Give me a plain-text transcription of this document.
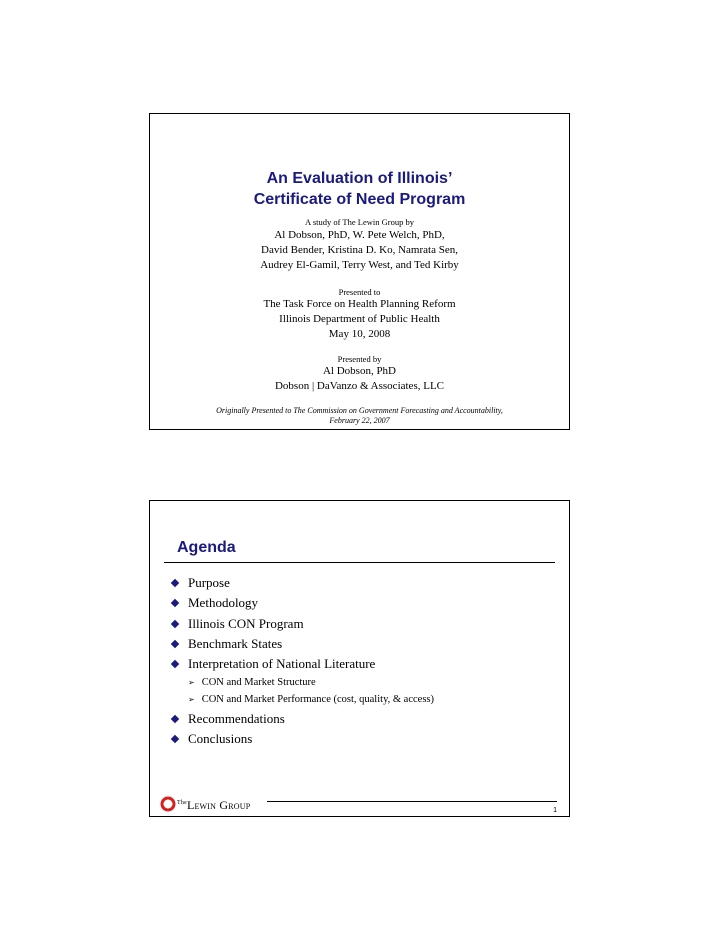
An Evaluation of Illinois’
Certificate of Need Program
A study of The Lewin Group by
Al Dobson, PhD, W. Pete Welch, PhD,
David Bender, Kristina D. Ko, Namrata Sen,
Audrey El-Gamil, Terry West, and Ted Kirby
Presented to
The Task Force on Health Planning Reform
Illinois Department of Public Health
May 10, 2008
Presented by
Al Dobson, PhD
Dobson | DaVanzo & Associates, LLC
Originally Presented to The Commission on Government Forecasting and Accountability,
February 22, 2007
Agenda
Purpose
Methodology
Illinois CON Program
Benchmark States
Interpretation of National Literature
➢ CON and Market Structure
➢ CON and Market Performance (cost, quality, & access)
Recommendations
Conclusions
$^{The}$Lewin Group	1
